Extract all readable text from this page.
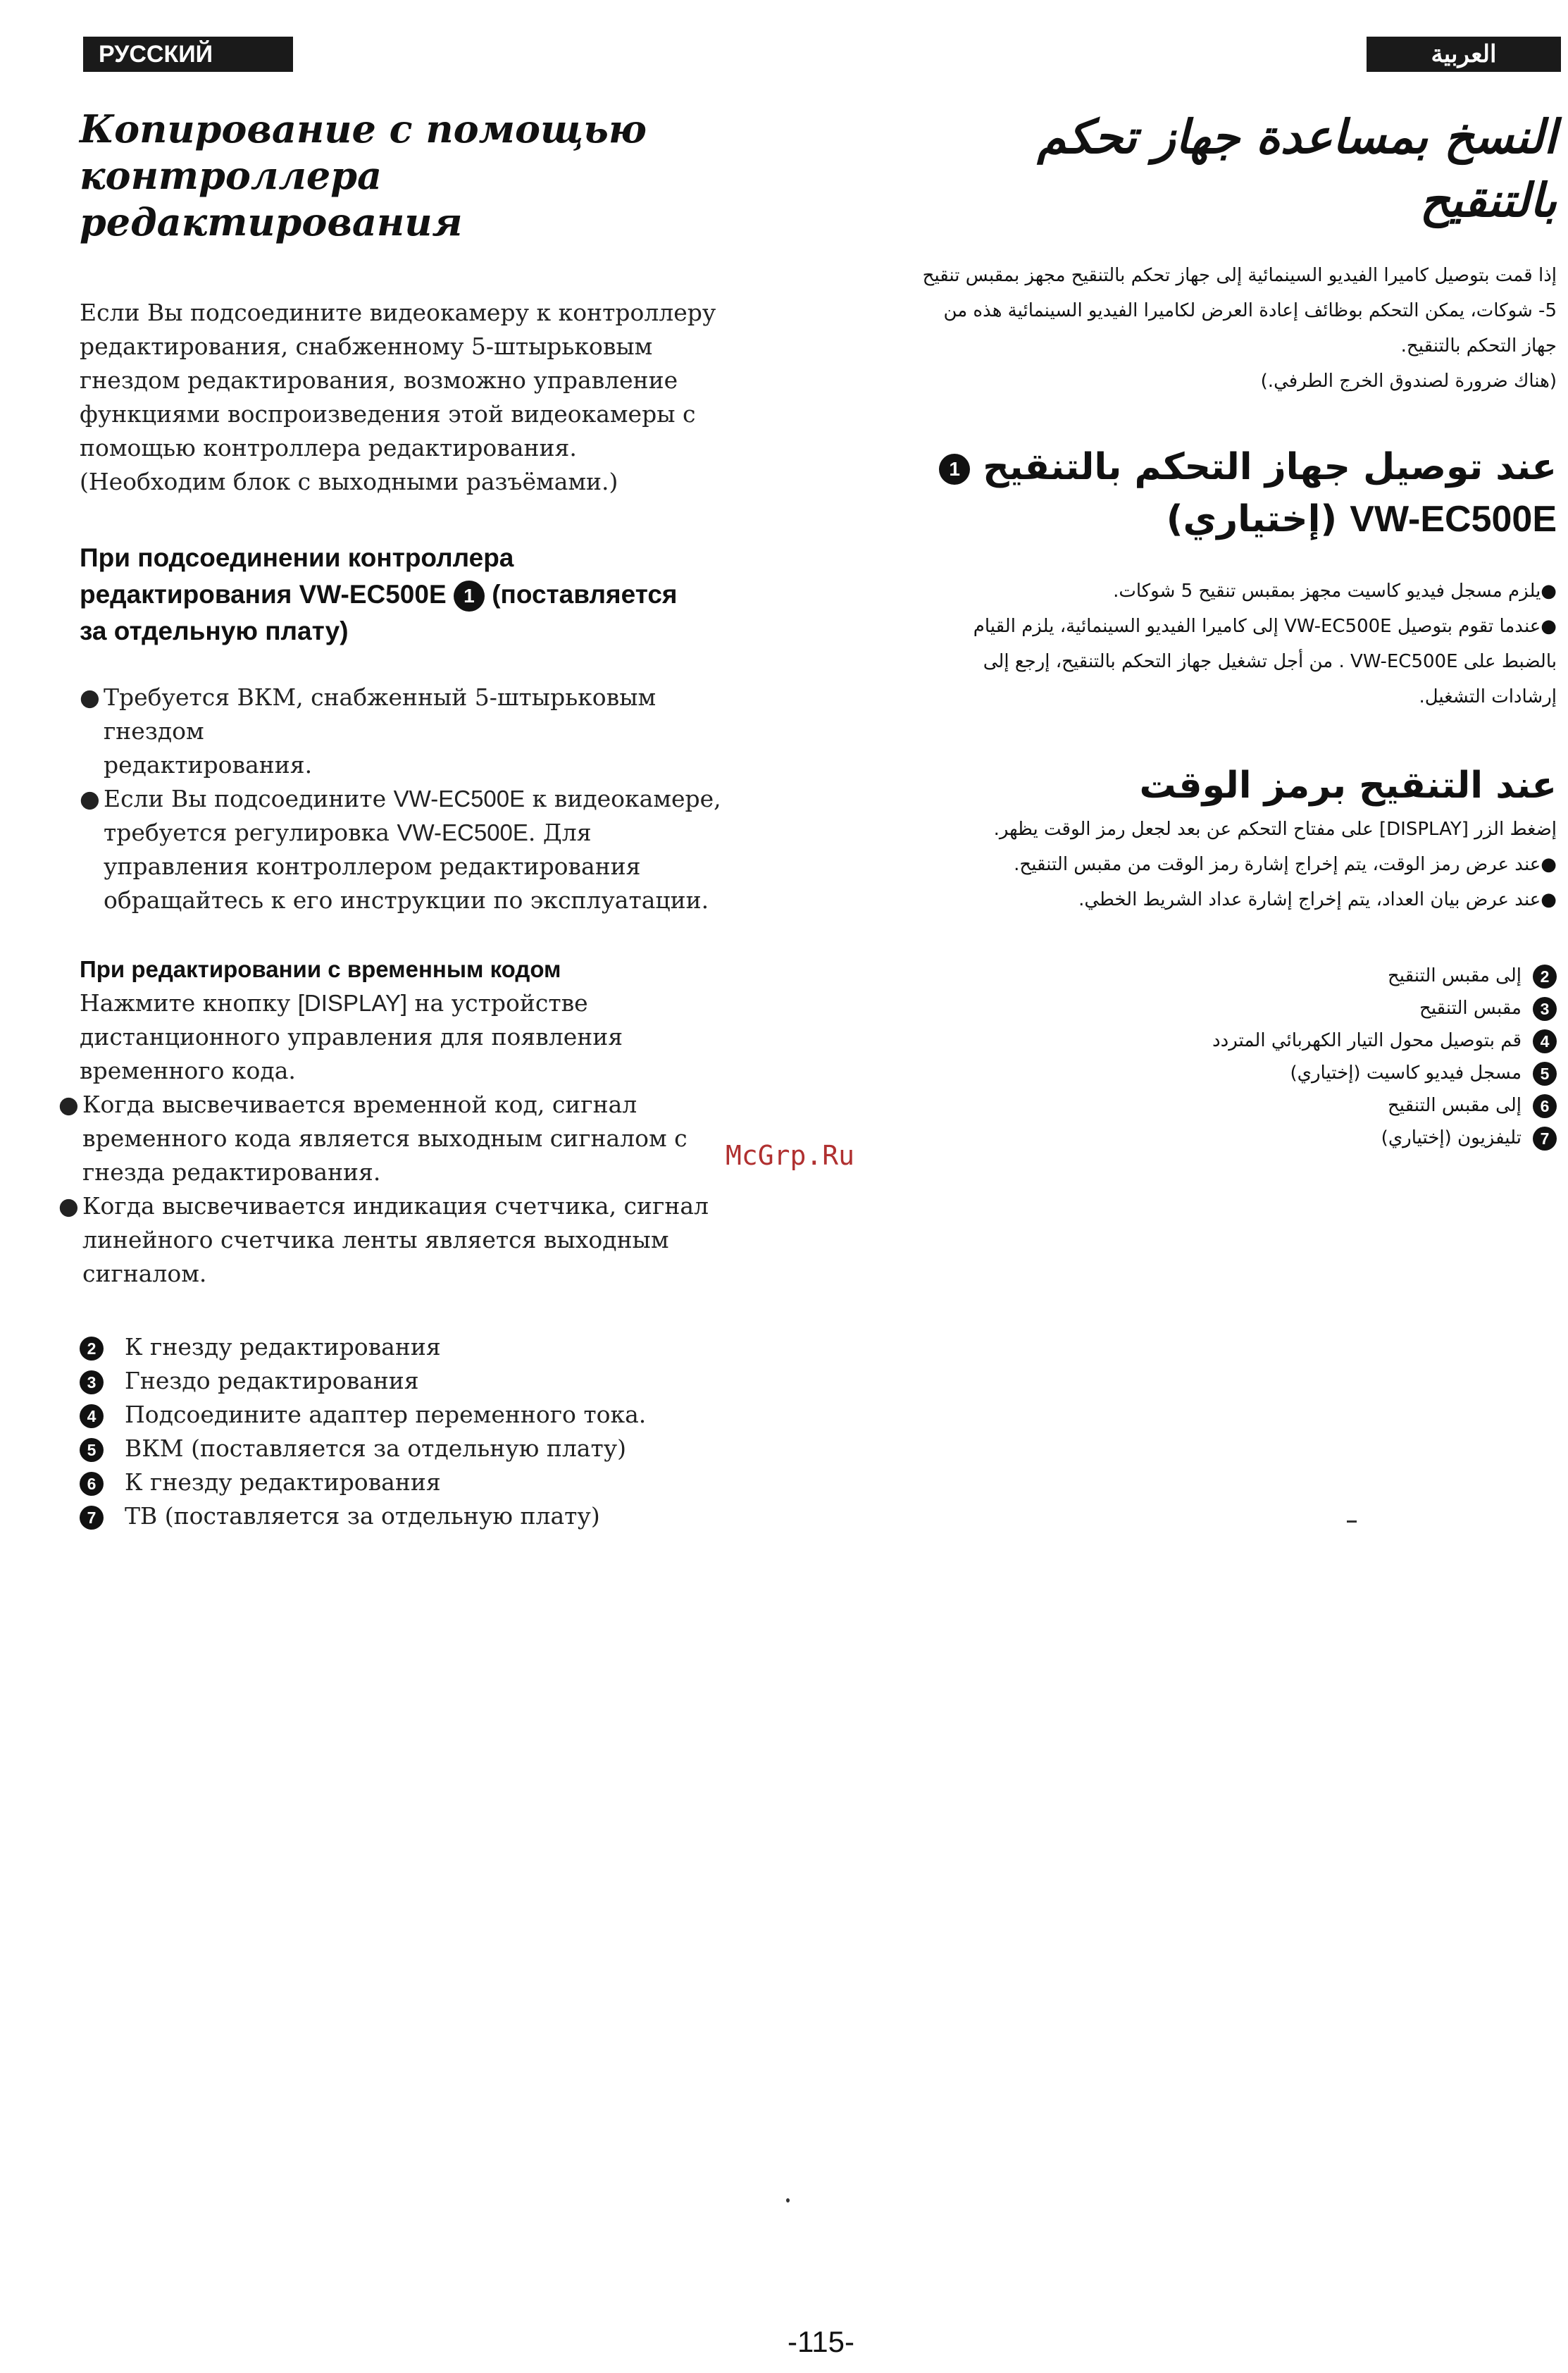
РУССКИЙ ЯЗЫК
العربية
Копирование с помощью
контроллера редактирования

Если Вы подсоедините видеокамеру к контроллеру
редактирования, снабженному 5-штырьковым
гнездом редактирования, возможно управление
функциями воспроизведения этой видеокамеры с
помощью контроллера редактирования.
(Необходим блок с выходными разъёмами.)

При подсоединении контроллера
редактирования VW-EC500E 1 (поставляется
за отдельную плату)
● Требуется ВКМ, снабженный 5-штырьковым гнездом
редактирования.
● Если Вы подсоедините VW-EC500E к видеокамере,
требуется регулировка VW-EC500E. Для
управления контроллером редактирования
обращайтесь к его инструкции по эксплуатации.
При редактировании с временным кодом

Нажмите кнопку [DISPLAY] на устройстве
дистанционного управления для появления
временного кода.

● Когда высвечивается временной код, сигнал
временного кода является выходным сигналом с
гнезда редактирования.
● Когда высвечивается индикация счетчика, сигнал
линейного счетчика ленты является выходным
сигналом.
2 К гнезду редактирования
3 Гнездо редактирования
4 Подсоедините адаптер переменного тока.
5 ВКМ (поставляется за отдельную плату)
6 К гнезду редактирования
7 ТВ (поставляется за отдельную плату)
النسخ بمساعدة جهاز تحكم
بالتنقيح

إذا قمت بتوصيل كاميرا الفيديو السينمائية إلى جهاز تحكم بالتنقيح مجهز بمقبس تنقيح
5- شوكات، يمكن التحكم بوظائف إعادة العرض لكاميرا الفيديو السينمائية هذه من
جهاز التحكم بالتنقيح.
(هناك ضرورة لصندوق الخرج الطرفي.)

عند توصيل جهاز التحكم بالتنقيح 1
VW-EC500E (إختياري)
●يلزم مسجل فيديو كاسيت مجهز بمقبس تنقيح 5 شوكات.
●عندما تقوم بتوصيل VW-EC500E إلى كاميرا الفيديو السينمائية، يلزم القيام
بالضبط على VW-EC500E . من أجل تشغيل جهاز التحكم بالتنقيح، إرجع إلى
إرشادات التشغيل.
عند التنقيح برمز الوقت

إضغط الزر [DISPLAY] على مفتاح التحكم عن بعد لجعل رمز الوقت يظهر.

●عند عرض رمز الوقت، يتم إخراج إشارة رمز الوقت من مقبس التنقيح.
●عند عرض بيان العداد، يتم إخراج إشارة عداد الشريط الخطي.
2إلى مقبس التنقيح
3مقبس التنقيح
4قم بتوصيل محول التيار الكهربائي المتردد
5مسجل فيديو كاسيت (إختياري)
6إلى مقبس التنقيح
7تليفزيون (إختياري)
McGrp.Ru
-115-
